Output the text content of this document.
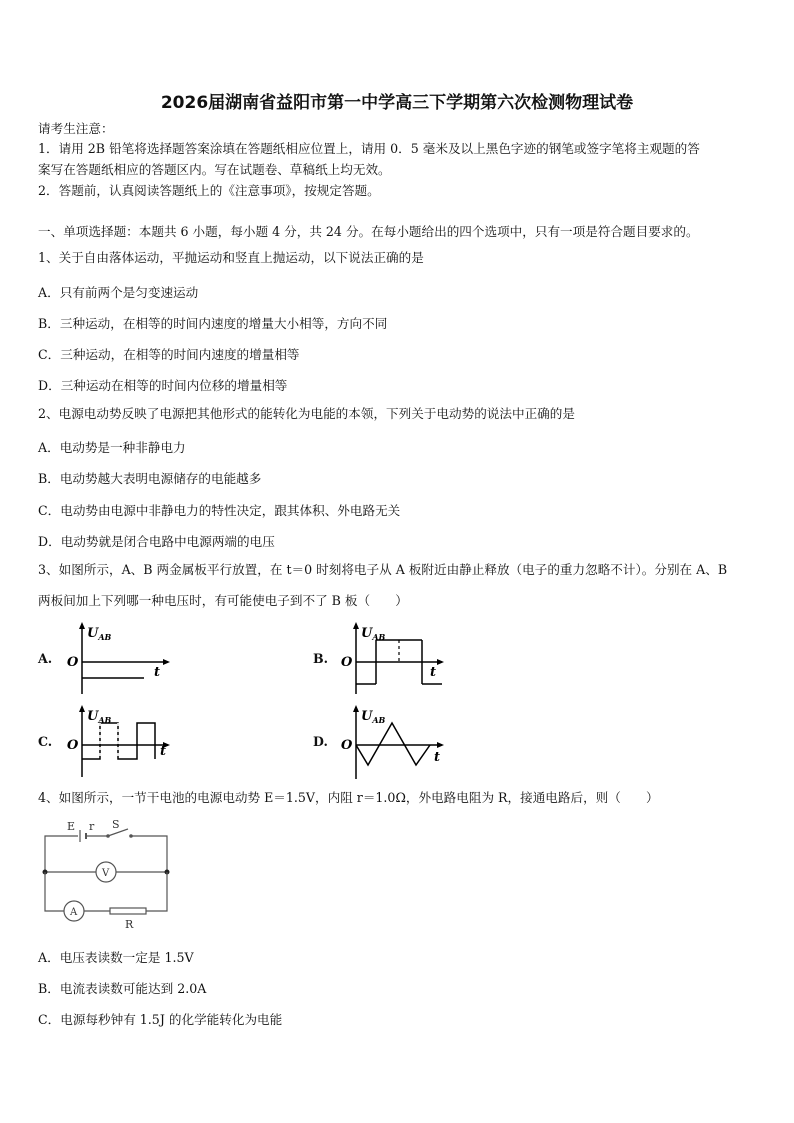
2026届湖南省益阳市第一中学高三下学期第六次检测物理试卷
请考生注意：
1．请用 2B 铅笔将选择题答案涂填在答题纸相应位置上，请用 0．5 毫米及以上黑色字迹的钢笔或签字笔将主观题的答
案写在答题纸相应的答题区内。写在试题卷、草稿纸上均无效。
2．答题前，认真阅读答题纸上的《注意事项》，按规定答题。
一、单项选择题：本题共 6 小题，每小题 4 分，共 24 分。在每小题给出的四个选项中，只有一项是符合题目要求的。
1、关于自由落体运动，平抛运动和竖直上抛运动，以下说法正确的是
A．只有前两个是匀变速运动
B．三种运动，在相等的时间内速度的增量大小相等，方向不同
C．三种运动，在相等的时间内速度的增量相等
D．三种运动在相等的时间内位移的增量相等
2、电源电动势反映了电源把其他形式的能转化为电能的本领，下列关于电动势的说法中正确的是
A．电动势是一种非静电力
B．电动势越大表明电源储存的电能越多
C．电动势由电源中非静电力的特性决定，跟其体积、外电路无关
D．电动势就是闭合电路中电源两端的电压
3、如图所示，A、B 两金属板平行放置，在 t＝0 时刻将电子从 A 板附近由静止释放（电子的重力忽略不计）。分别在 A、B
两板间加上下列哪一种电压时，有可能使电子到不了 B 板（　　）
A.	B.
C.	D.
$U_{AB}$
O
t
$U_{AB}$
O
t
$U_{AB}$
O	t
$U_{AB}$
O
t
4、如图所示，一节干电池的电源电动势 E＝1.5V，内阻 r＝1.0Ω，外电路电阻为 R，接通电路后，则（　　）
E r S
V
A
R
A．电压表读数一定是 1.5V
B．电流表读数可能达到 2.0A
C．电源每秒钟有 1.5J 的化学能转化为电能
